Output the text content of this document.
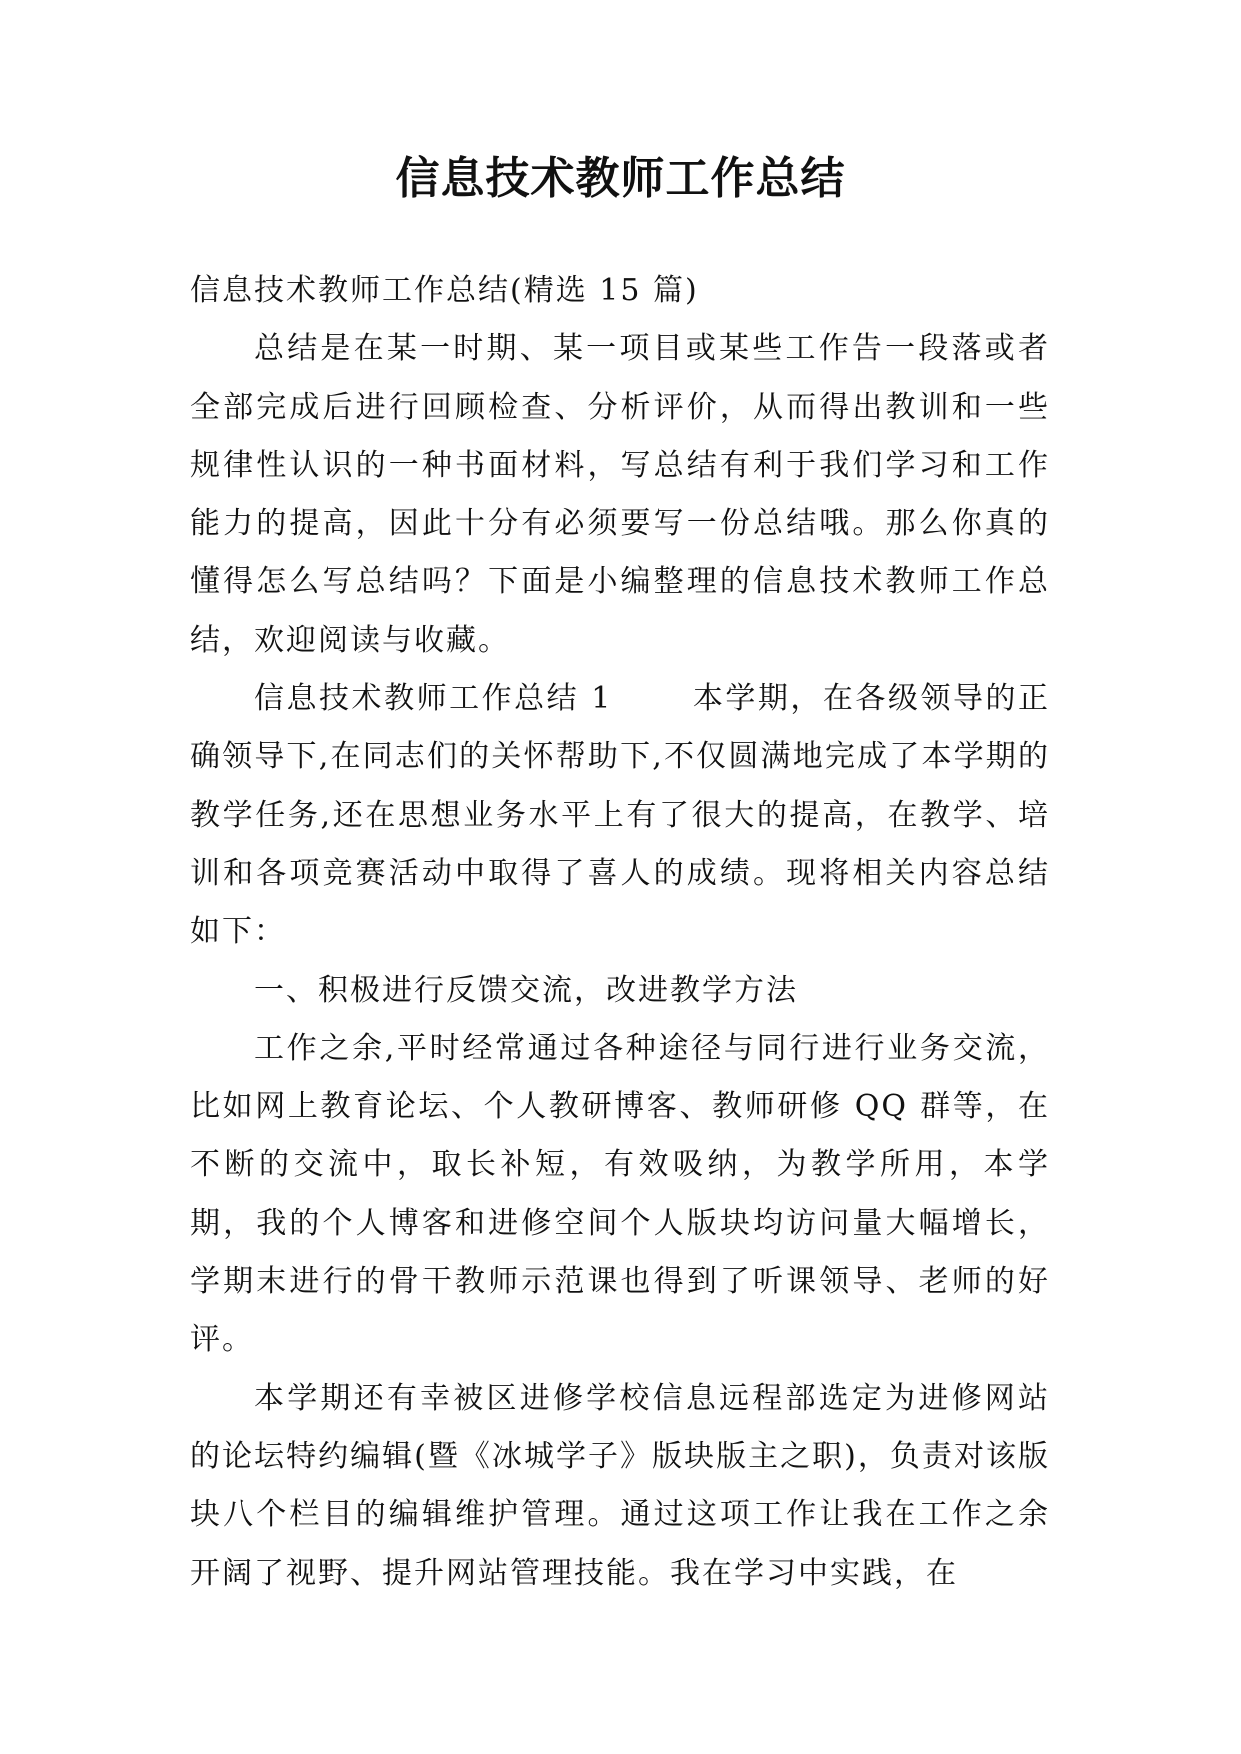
信息技术教师工作总结

信息技术教师工作总结(精选 15 篇)

总结是在某一时期、某一项目或某些工作告一段落或者全部完成后进行回顾检查、分析评价，从而得出教训和一些规律性认识的一种书面材料，写总结有利于我们学习和工作能力的提高，因此十分有必须要写一份总结哦。那么你真的懂得怎么写总结吗？下面是小编整理的信息技术教师工作总结，欢迎阅读与收藏。

信息技术教师工作总结 1	本学期，在各级领导的正确领导下,在同志们的关怀帮助下,不仅圆满地完成了本学期的教学任务,还在思想业务水平上有了很大的提高，在教学、培训和各项竞赛活动中取得了喜人的成绩。现将相关内容总结如下：

一、积极进行反馈交流，改进教学方法

工作之余,平时经常通过各种途径与同行进行业务交流，比如网上教育论坛、个人教研博客、教师研修 QQ 群等，在不断的交流中，取长补短，有效吸纳，为教学所用，本学期，我的个人博客和进修空间个人版块均访问量大幅增长，学期末进行的骨干教师示范课也得到了听课领导、老师的好评。

本学期还有幸被区进修学校信息远程部选定为进修网站的论坛特约编辑(暨《冰城学子》版块版主之职)，负责对该版块八个栏目的编辑维护管理。通过这项工作让我在工作之余开阔了视野、提升网站管理技能。我在学习中实践，在
